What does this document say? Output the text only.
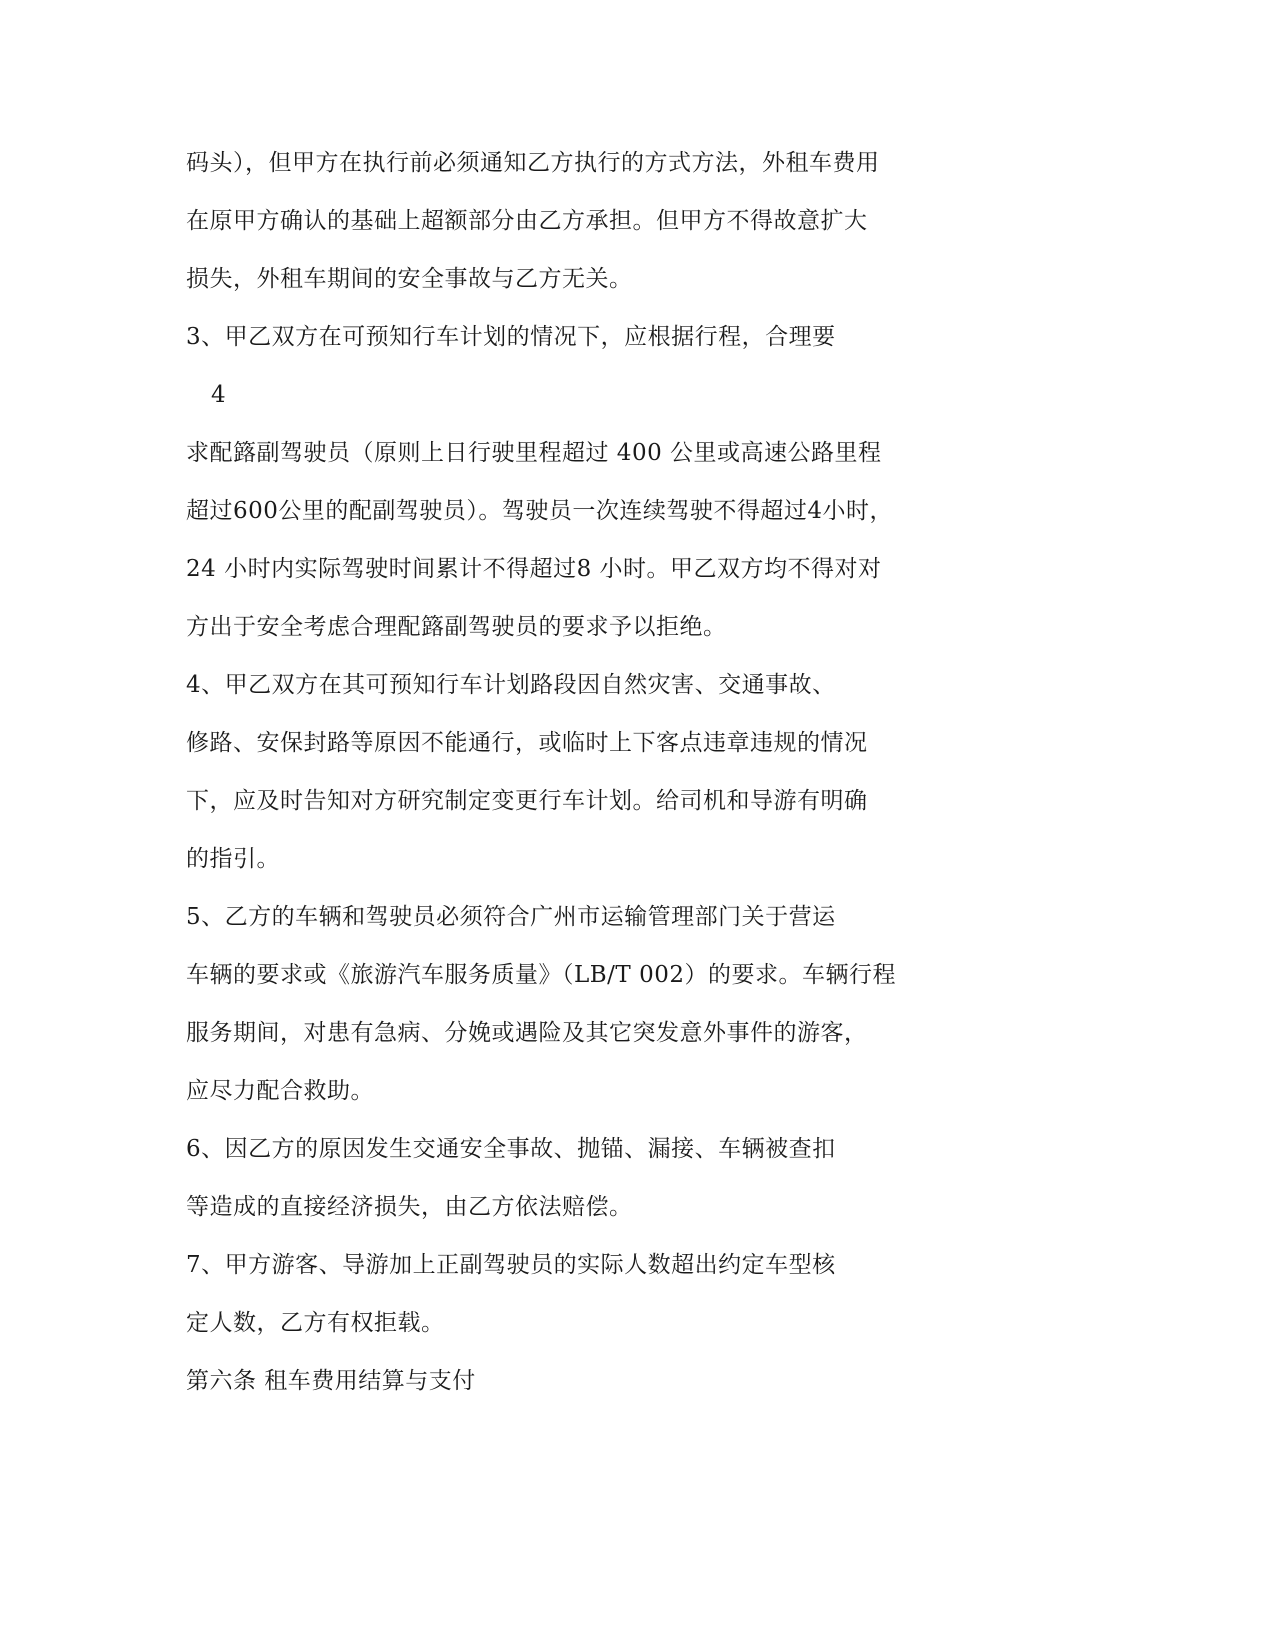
码头），但甲方在执行前必须通知乙方执行的方式方法，外租车费用
在原甲方确认的基础上超额部分由乙方承担。但甲方不得故意扩大
损失，外租车期间的安全事故与乙方无关。
3、甲乙双方在可预知行车计划的情况下，应根据行程，合理要
4
求配簬副驾驶员（原则上日行驶里程超过 400 公里或高速公路里程
超过600公里的配副驾驶员）。驾驶员一次连续驾驶不得超过4小时，
24 小时内实际驾驶时间累计不得超过8 小时。甲乙双方均不得对对
方出于安全考虑合理配簬副驾驶员的要求予以拒绝。
4、甲乙双方在其可预知行车计划路段因自然灾害、交通事故、
修路、安保封路等原因不能通行，或临时上下客点违章违规的情况
下，应及时告知对方研究制定变更行车计划。给司机和导游有明确
的指引。
5、乙方的车辆和驾驶员必须符合广州市运输管理部门关于营运
车辆的要求或《旅游汽车服务质量》（LB/T 002）的要求。车辆行程
服务期间，对患有急病、分娩或遇险及其它突发意外事件的游客，
应尽力配合救助。
6、因乙方的原因发生交通安全事故、抛锚、漏接、车辆被查扣
等造成的直接经济损失，由乙方依法赔偿。
7、甲方游客、导游加上正副驾驶员的实际人数超出约定车型核
定人数，乙方有权拒载。
第六条 租车费用结算与支付
